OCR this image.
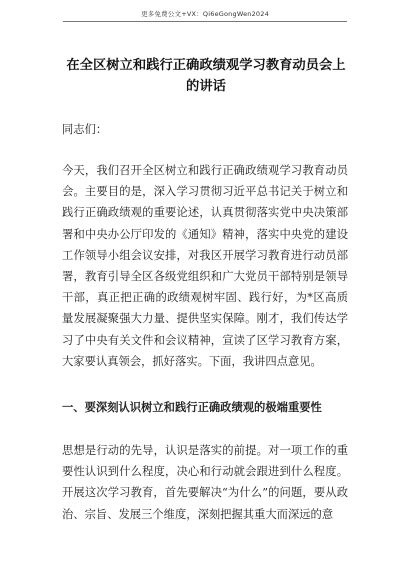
更多免费公文+VX：Qi6eGongWen2024
在全区树立和践行正确政绩观学习教育动员会上的讲话
同志们：

今天，我们召开全区树立和践行正确政绩观学习教育动员会。主要目的是，深入学习贯彻习近平总书记关于树立和践行正确政绩观的重要论述，认真贯彻落实党中央决策部署和中央办公厅印发的《通知》精神，落实中央党的建设工作领导小组会议安排，对我区开展学习教育进行动员部署，教育引导全区各级党组织和广大党员干部特别是领导干部，真正把正确的政绩观树牢固、践行好，为*区高质量发展凝聚强大力量、提供坚实保障。刚才，我们传达学习了中央有关文件和会议精神，宣读了区学习教育方案，大家要认真领会，抓好落实。下面，我讲四点意见。

一、要深刻认识树立和践行正确政绩观的极端重要性

思想是行动的先导，认识是落实的前提。对一项工作的重要性认识到什么程度，决心和行动就会跟进到什么程度。开展这次学习教育，首先要解决“为什么”的问题，要从政治、宗旨、发展三个维度，深刻把握其重大而深远的意
